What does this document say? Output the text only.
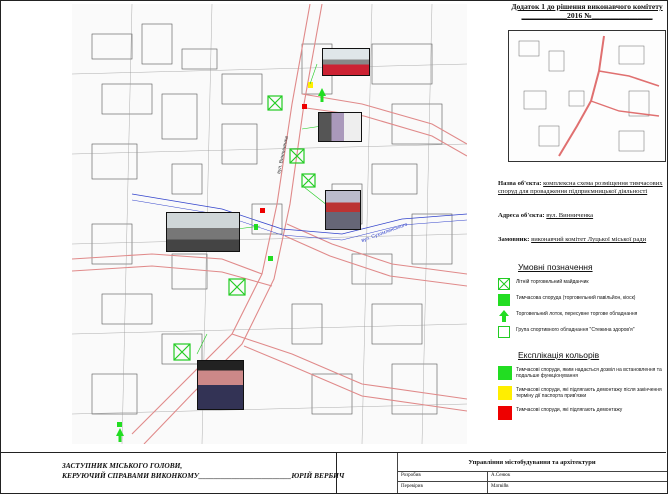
Додаток 1 до рішення виконавчого комітету
____________2016 №________________
вул. Винниченка
вул. Сухомлинського
Назва об'єкта: комплексна схема розміщення тимчасових споруд для провадження підприємницької діяльності
Адреса об'єкта: вул. Винниченка
Замовник: виконавчий комітет Луцької міської ради
Умовні позначення
Літній торговельний майданчик
Тимчасова споруда (торговельний павільйон, кіоск)
Торговельний лоток, пересувне торгове обладнання
Група спортивного обладнання "Стежина здоров'я"
Експлікація кольорів
Тимчасові споруди, яким надається дозвіл на встановлення та подальше функціонування
Тимчасові споруди, які підлягають демонтажу після закінчення терміну дії паспорта прив'язки
Тимчасові споруди, які підлягають демонтажу
ЗАСТУПНИК МІСЬКОГО ГОЛОВИ,
КЕРУЮЧИЙ СПРАВАМИ ВИКОНКОМУ_________________________ЮРІЙ ВЕРБИЧ
Управління містобудування та архітектури
Розробив	А.Сенюк
Перевірив	Матвійв
